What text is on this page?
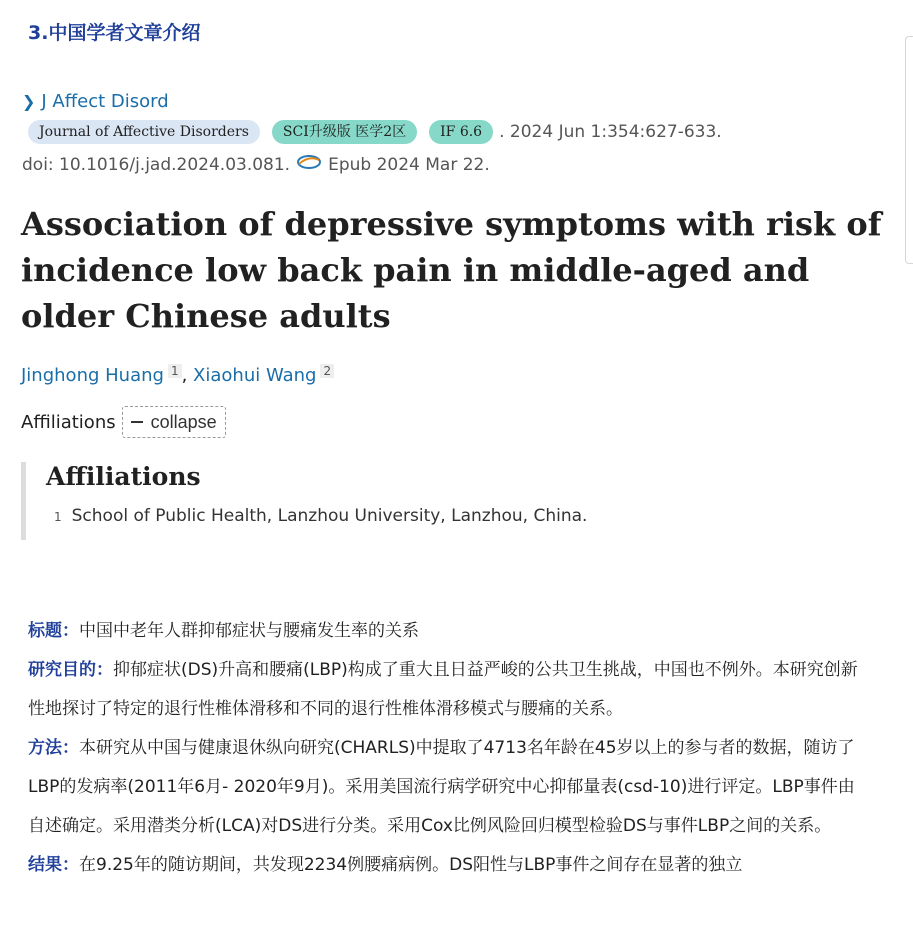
3.中国学者文章介绍
❯ J Affect Disord
Journal of Affective Disorders	SCI升级版 医学2区	IF 6.6	. 2024 Jun 1:354:627-633.
doi: 10.1016/j.jad.2024.03.081. Epub 2024 Mar 22.
Association of depressive symptoms with risk of incidence low back pain in middle-aged and older Chinese adults
Jinghong Huang $^1$ , Xiaohui Wang $^2$
Affiliations collapse
Affiliations
1 School of Public Health, Lanzhou University, Lanzhou, China.

标题：中国中老年人群抑郁症状与腰痛发生率的关系

研究目的：抑郁症状(DS)升高和腰痛(LBP)构成了重大且日益严峻的公共卫生挑战，中国也不例外。本研究创新性地探讨了特定的退行性椎体滑移和不同的退行性椎体滑移模式与腰痛的关系。

方法：本研究从中国与健康退休纵向研究(CHARLS)中提取了4713名年龄在45岁以上的参与者的数据，随访了LBP的发病率(2011年6月- 2020年9月)。采用美国流行病学研究中心抑郁量表(csd-10)进行评定。LBP事件由自述确定。采用潜类分析(LCA)对DS进行分类。采用Cox比例风险回归模型检验DS与事件LBP之间的关系。

结果：在9.25年的随访期间，共发现2234例腰痛病例。DS阳性与LBP事件之间存在显著的独立
